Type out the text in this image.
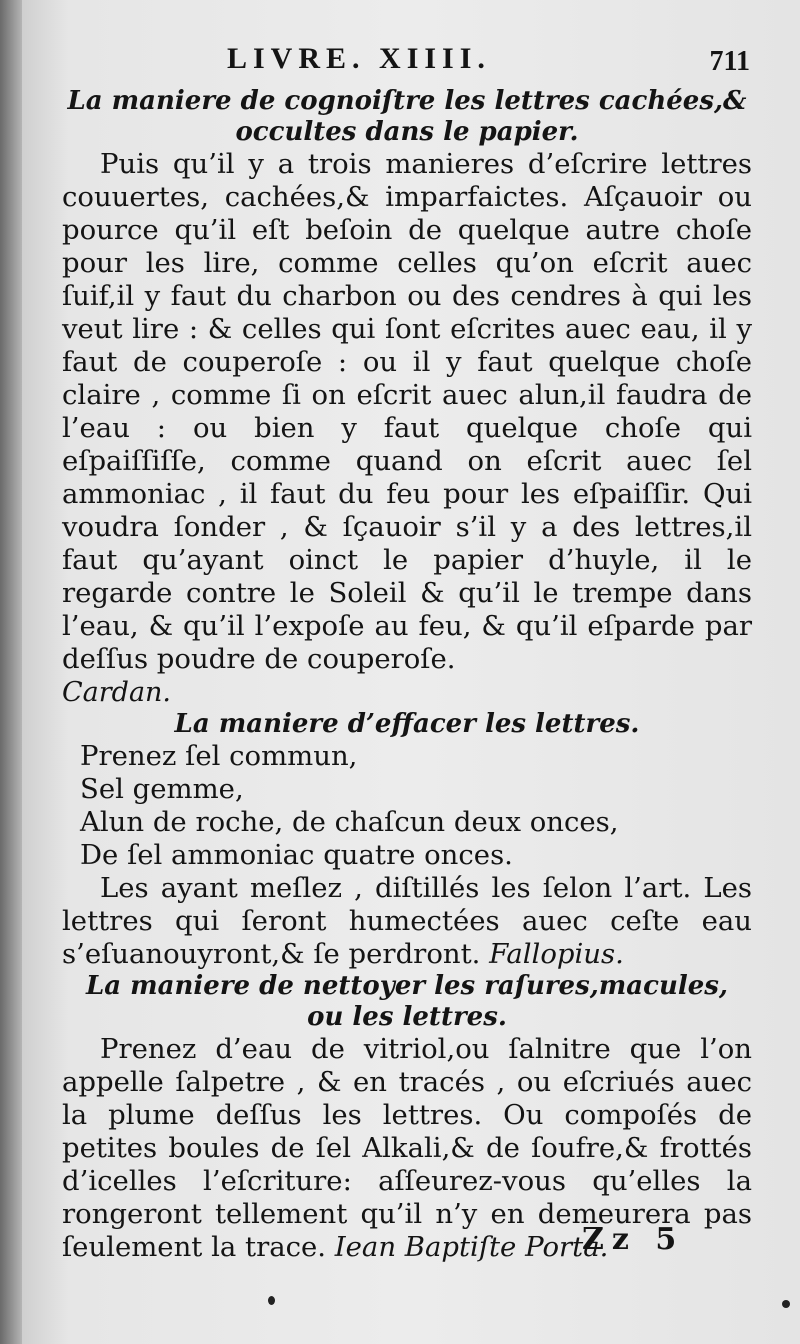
LIVRE. XIIII.	711

La maniere de cognoiſtre les lettres cachées,&

occultes dans le papier.

Puis qu’il y a trois manieres d’eſcrire lettres couuertes, cachées,& imparfaictes. Aſçauoir ou pource qu’il eſt beſoin de quelque autre choſe pour les lire, comme celles qu’on eſcrit auec ſuif,il y faut du charbon ou des cendres à qui les veut lire : & celles qui ſont eſcrites auec eau, il y faut de couperoſe : ou il y faut quelque choſe claire , comme ſi on eſcrit auec alun,il faudra de l’eau : ou bien y faut quelque choſe qui eſpaiſſiſſe, comme quand on eſcrit auec ſel ammoniac , il faut du feu pour les eſpaiſſir. Qui voudra ſonder , & ſçauoir s’il y a des lettres,il faut qu’ayant oinct le papier d’huyle, il le regarde contre le Soleil & qu’il le trempe dans l’eau, & qu’il l’expoſe au feu, & qu’il eſparde par deſſus poudre de couperoſe.

Cardan.

La maniere d’effacer les lettres.

Prenez ſel commun,
Sel gemme,
Alun de roche, de chaſcun deux onces,
De ſel ammoniac quatre onces.

Les ayant meſlez , diſtillés les ſelon l’art. Les lettres qui ſeront humectées auec ceſte eau s’eſuanouyront,& ſe perdront. Fallopius.

La maniere de nettoyer les raſures,macules,

ou les lettres.

Prenez d’eau de vitriol,ou ſalnitre que l’on appelle ſalpetre , & en tracés , ou eſcriués auec la plume deſſus les lettres. Ou compoſés de petites boules de ſel Alkali,& de ſoufre,& frottés d’icelles l’eſcriture: aſſeurez-vous qu’elles la rongeront tellement qu’il n’y en demeurera pas ſeulement la trace. Iean Baptiſte Porta.

Zz 5
